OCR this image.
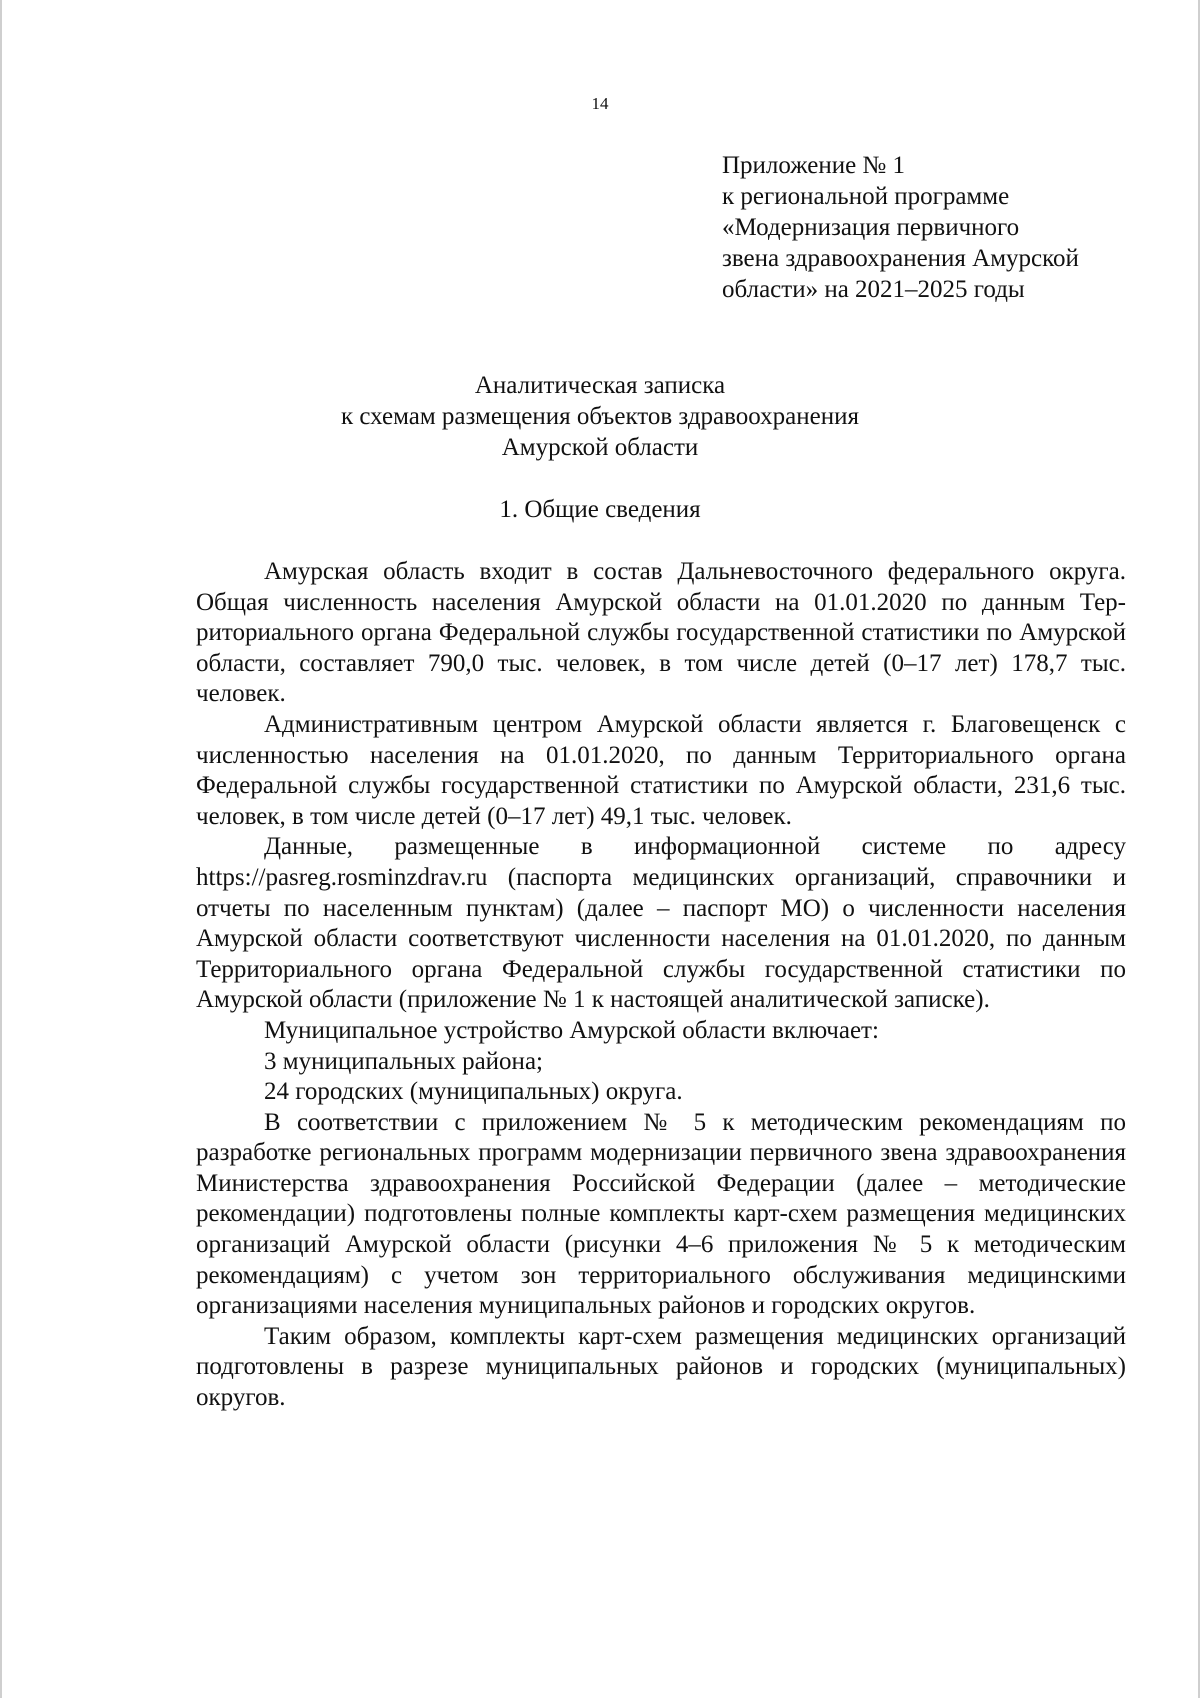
14
Приложение № 1
к региональной программе
«Модернизация первичного
звена здравоохранения Амурской
области» на 2021–2025 годы
Аналитическая записка
к схемам размещения объектов здравоохранения
Амурской области
1. Общие сведения

Амурская область входит в состав Дальневосточного федерального округа. Общая численность населения Амурской области на 01.01.2020 по данным Территориального органа Федеральной службы государственной статистики по Амурской области, составляет 790,0 тыс. человек, в том числе детей (0–17 лет) 178,7 тыс. человек.

Административным центром Амурской области является г. Благовещенск с численностью населения на 01.01.2020, по данным Территориального органа Федеральной службы государственной статистики по Амурской области, 231,6 тыс. человек, в том числе детей (0–17 лет) 49,1 тыс. человек.

Данные, размещенные в информационной системе по адресу https://pasreg.rosminzdrav.ru (паспорта медицинских организаций, справочники и отчеты по населенным пунктам) (далее – паспорт МО) о численности населения Амурской области соответствуют численности населения на 01.01.2020, по данным Территориального органа Федеральной службы государственной статистики по Амурской области (приложение № 1 к настоящей аналитической записке).

Муниципальное устройство Амурской области включает:

3 муниципальных района;

24 городских (муниципальных) округа.

В соответствии с приложением № 5 к методическим рекомендациям по разработке региональных программ модернизации первичного звена здравоохранения Министерства здравоохранения Российской Федерации (далее – методические рекомендации) подготовлены полные комплекты карт-схем размещения медицинских организаций Амурской области (рисунки 4–6 приложения № 5 к методическим рекомендациям) с учетом зон территориального обслуживания медицинскими организациями населения муниципальных районов и городских округов.

Таким образом, комплекты карт-схем размещения медицинских организаций подготовлены в разрезе муниципальных районов и городских (муниципальных) округов.
